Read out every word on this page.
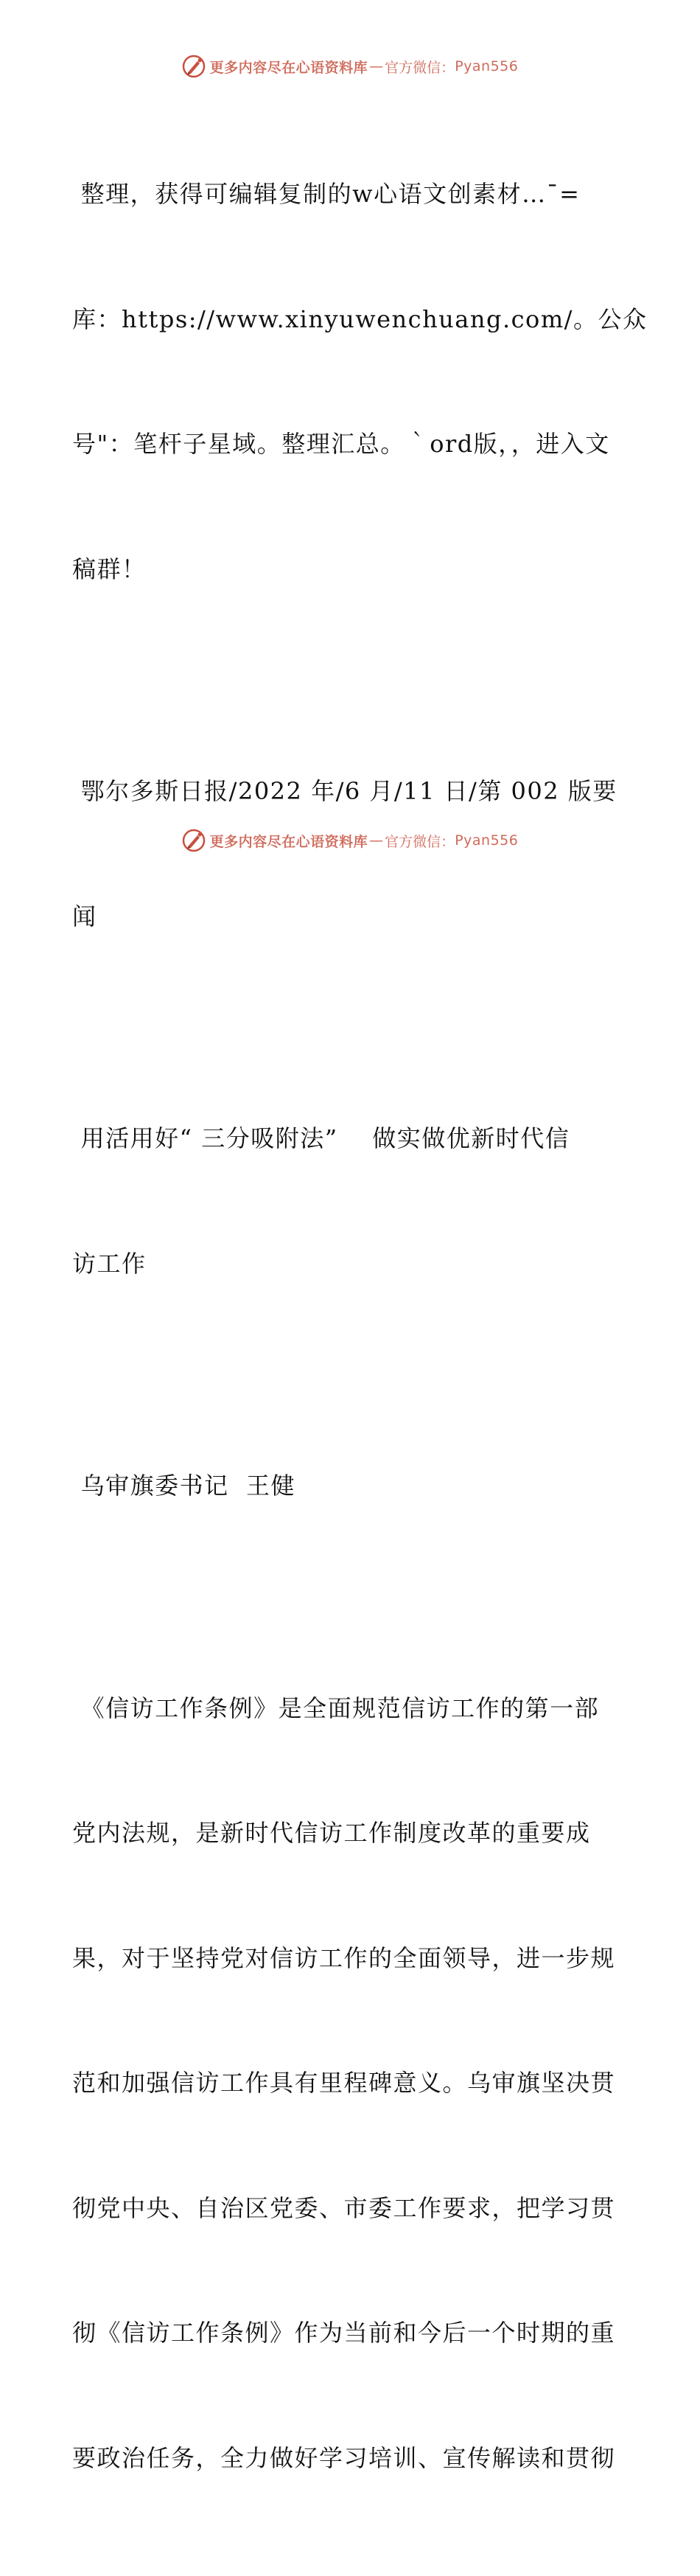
更多内容尽在心语资料库 — 官方微信： Pyan556

整理，获得可编辑复制的w心语文创素材…¯=

库：https://www.xinyuwenchuang.com/。公众

号"：笔杆子星域。整理汇总。｀ord版，，进入文

稿群！

鄂尔多斯日报/2022 年/6 月/11 日/第 002 版要

闻

用活用好“ 三分吸附法”    做实做优新时代信

访工作

乌审旗委书记  王健

《信访工作条例》是全面规范信访工作的第一部

党内法规，是新时代信访工作制度改革的重要成

果，对于坚持党对信访工作的全面领导，进一步规

范和加强信访工作具有里程碑意义。乌审旗坚决贯

彻党中央、自治区党委、市委工作要求，把学习贯

彻《信访工作条例》作为当前和今后一个时期的重

要政治任务，全力做好学习培训、宣传解读和贯彻

更多内容尽在心语资料库 — 官方微信： Pyan556
